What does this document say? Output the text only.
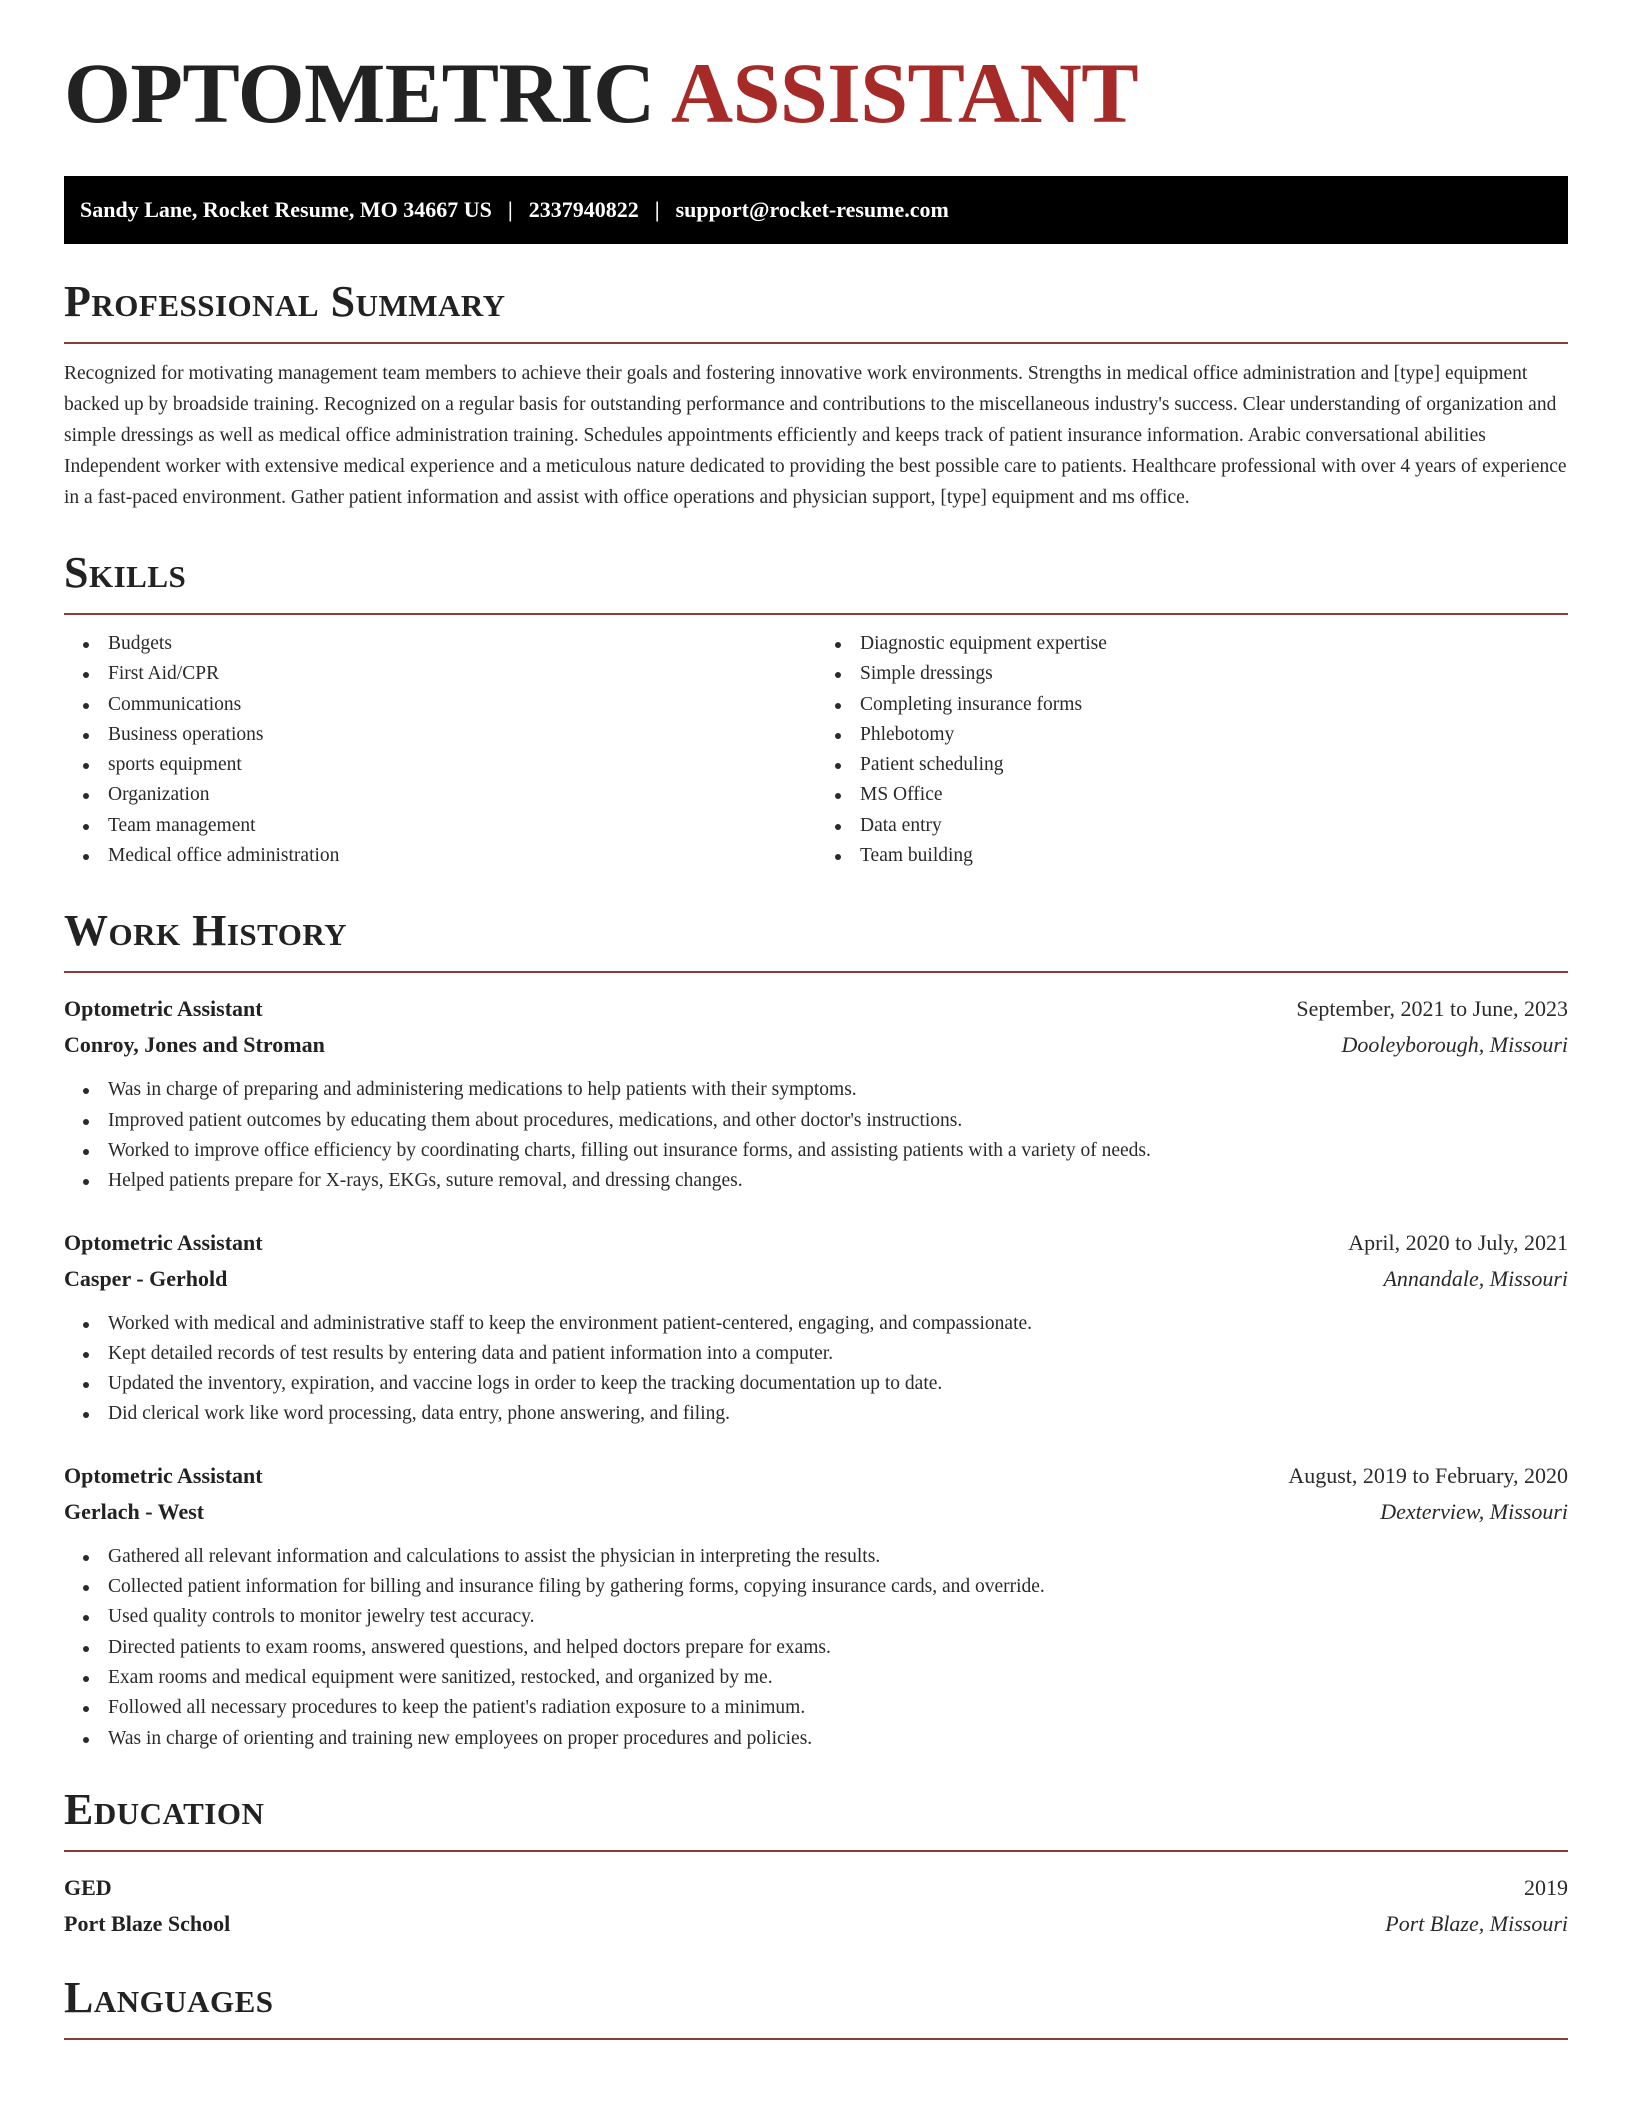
OPTOMETRIC ASSISTANT
Sandy Lane, Rocket Resume, MO 34667 US | 2337940822 | support@rocket-resume.com
Professional Summary

Recognized for motivating management team members to achieve their goals and fostering innovative work environments. Strengths in medical office administration and [type] equipment backed up by broadside training. Recognized on a regular basis for outstanding performance and contributions to the miscellaneous industry's success. Clear understanding of organization and simple dressings as well as medical office administration training. Schedules appointments efficiently and keeps track of patient insurance information. Arabic conversational abilities Independent worker with extensive medical experience and a meticulous nature dedicated to providing the best possible care to patients. Healthcare professional with over 4 years of experience in a fast-paced environment. Gather patient information and assist with office operations and physician support, [type] equipment and ms office.

Skills
Budgets
First Aid/CPR
Communications
Business operations
sports equipment
Organization
Team management
Medical office administration
Diagnostic equipment expertise
Simple dressings
Completing insurance forms
Phlebotomy
Patient scheduling
MS Office
Data entry
Team building
Work History
Optometric Assistant	September, 2021 to June, 2023
Conroy, Jones and Stroman	Dooleyborough, Missouri
Was in charge of preparing and administering medications to help patients with their symptoms.
Improved patient outcomes by educating them about procedures, medications, and other doctor's instructions.
Worked to improve office efficiency by coordinating charts, filling out insurance forms, and assisting patients with a variety of needs.
Helped patients prepare for X-rays, EKGs, suture removal, and dressing changes.
Optometric Assistant	April, 2020 to July, 2021
Casper - Gerhold	Annandale, Missouri
Worked with medical and administrative staff to keep the environment patient-centered, engaging, and compassionate.
Kept detailed records of test results by entering data and patient information into a computer.
Updated the inventory, expiration, and vaccine logs in order to keep the tracking documentation up to date.
Did clerical work like word processing, data entry, phone answering, and filing.
Optometric Assistant	August, 2019 to February, 2020
Gerlach - West	Dexterview, Missouri
Gathered all relevant information and calculations to assist the physician in interpreting the results.
Collected patient information for billing and insurance filing by gathering forms, copying insurance cards, and override.
Used quality controls to monitor jewelry test accuracy.
Directed patients to exam rooms, answered questions, and helped doctors prepare for exams.
Exam rooms and medical equipment were sanitized, restocked, and organized by me.
Followed all necessary procedures to keep the patient's radiation exposure to a minimum.
Was in charge of orienting and training new employees on proper procedures and policies.
Education
GED	2019
Port Blaze School	Port Blaze, Missouri
Languages
